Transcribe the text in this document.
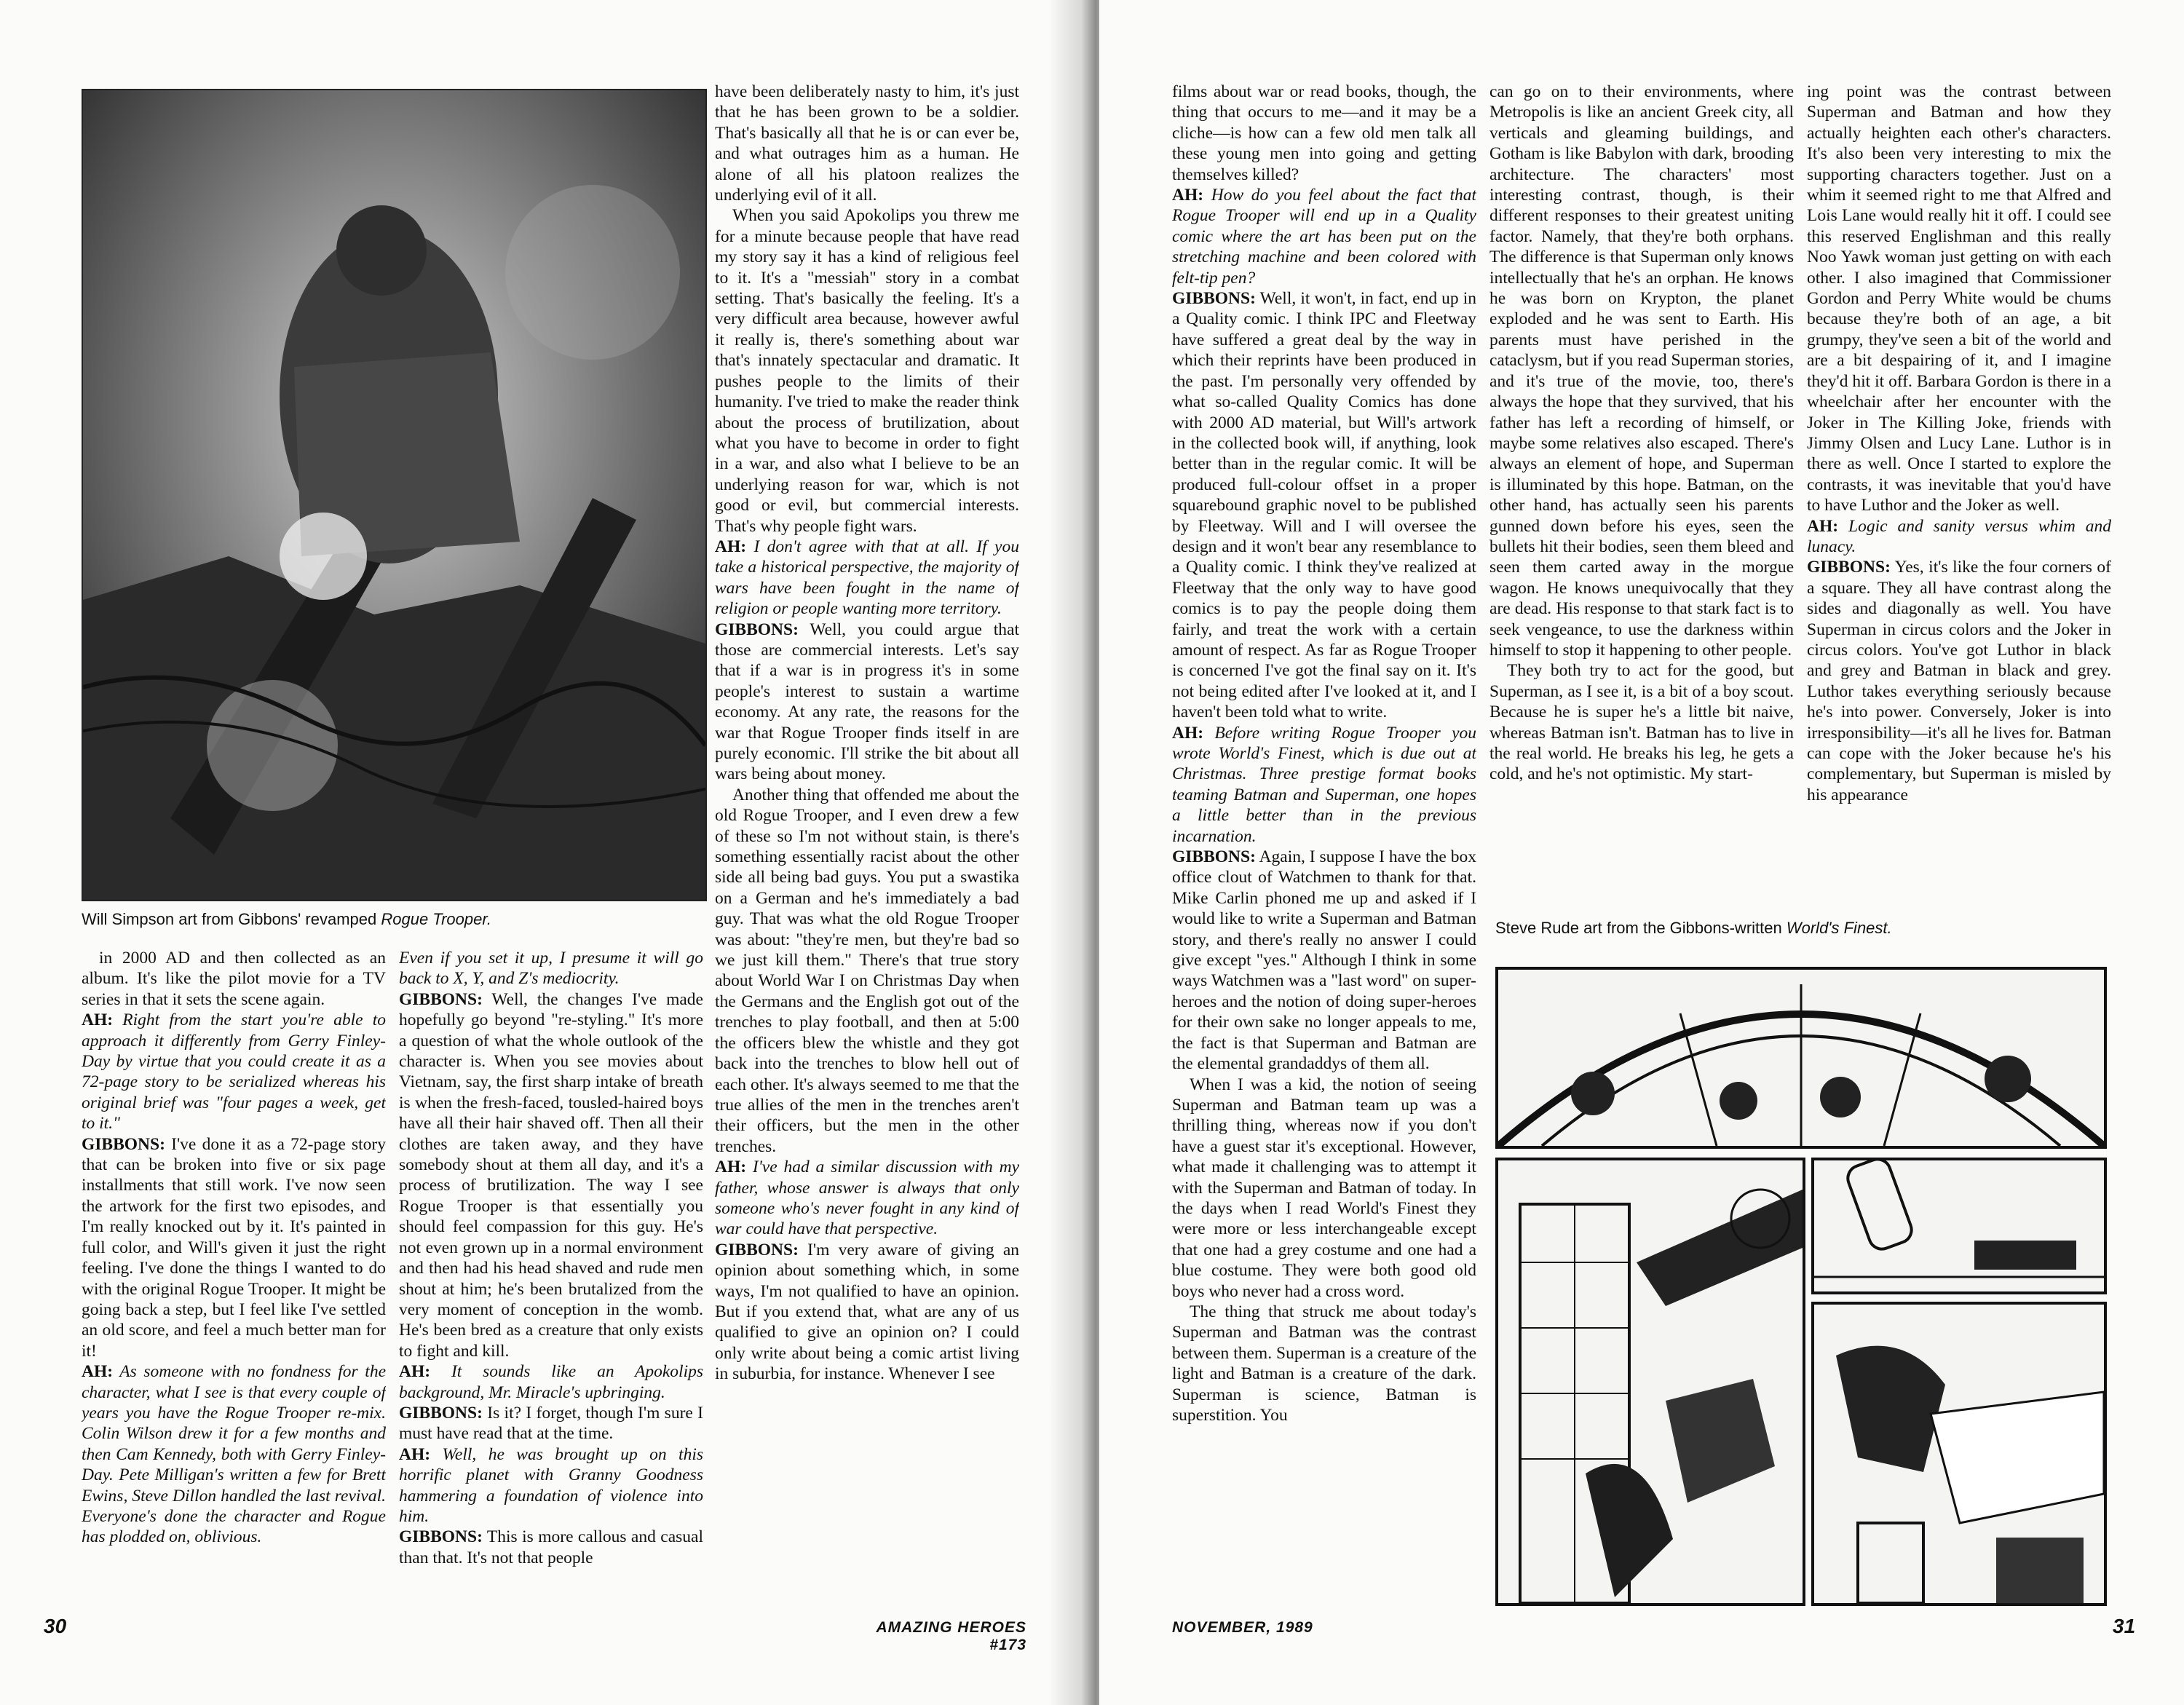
Will Simpson art from Gibbons' revamped Rogue Trooper.

in 2000 AD and then collected as an album. It's like the pilot movie for a TV series in that it sets the scene again.

AH: Right from the start you're able to approach it differently from Gerry Finley-Day by virtue that you could create it as a 72-page story to be serialized whereas his original brief was "four pages a week, get to it."

GIBBONS: I've done it as a 72-page story that can be broken into five or six page installments that still work. I've now seen the artwork for the first two episodes, and I'm really knocked out by it. It's painted in full color, and Will's given it just the right feeling. I've done the things I wanted to do with the original Rogue Trooper. It might be going back a step, but I feel like I've settled an old score, and feel a much better man for it!

AH: As someone with no fondness for the character, what I see is that every couple of years you have the Rogue Trooper re-mix. Colin Wilson drew it for a few months and then Cam Kennedy, both with Gerry Finley-Day. Pete Milligan's written a few for Brett Ewins, Steve Dillon handled the last revival. Everyone's done the character and Rogue has plodded on, oblivious.

Even if you set it up, I presume it will go back to X, Y, and Z's mediocrity.

GIBBONS: Well, the changes I've made hopefully go beyond "re-styling." It's more a question of what the whole outlook of the character is. When you see movies about Vietnam, say, the first sharp intake of breath is when the fresh-faced, tousled-haired boys have all their hair shaved off. Then all their clothes are taken away, and they have somebody shout at them all day, and it's a process of brutilization. The way I see Rogue Trooper is that essentially you should feel compassion for this guy. He's not even grown up in a normal environment and then had his head shaved and rude men shout at him; he's been brutalized from the very moment of conception in the womb. He's been bred as a creature that only exists to fight and kill.

AH: It sounds like an Apokolips background, Mr. Miracle's upbringing.

GIBBONS: Is it? I forget, though I'm sure I must have read that at the time.

AH: Well, he was brought up on this horrific planet with Granny Goodness hammering a foundation of violence into him.

GIBBONS: This is more callous and casual than that. It's not that people

have been deliberately nasty to him, it's just that he has been grown to be a soldier. That's basically all that he is or can ever be, and what outrages him as a human. He alone of all his platoon realizes the underlying evil of it all.

When you said Apokolips you threw me for a minute because people that have read my story say it has a kind of religious feel to it. It's a "messiah" story in a combat setting. That's basically the feeling. It's a very difficult area because, however awful it really is, there's something about war that's innately spectacular and dramatic. It pushes people to the limits of their humanity. I've tried to make the reader think about the process of brutilization, about what you have to become in order to fight in a war, and also what I believe to be an underlying reason for war, which is not good or evil, but commercial interests. That's why people fight wars.

AH: I don't agree with that at all. If you take a historical perspective, the majority of wars have been fought in the name of religion or people wanting more territory.

GIBBONS: Well, you could argue that those are commercial interests. Let's say that if a war is in progress it's in some people's interest to sustain a wartime economy. At any rate, the reasons for the war that Rogue Trooper finds itself in are purely economic. I'll strike the bit about all wars being about money.

Another thing that offended me about the old Rogue Trooper, and I even drew a few of these so I'm not without stain, is there's something essentially racist about the other side all being bad guys. You put a swastika on a German and he's immediately a bad guy. That was what the old Rogue Trooper was about: "they're men, but they're bad so we just kill them." There's that true story about World War I on Christmas Day when the Germans and the English got out of the trenches to play football, and then at 5:00 the officers blew the whistle and they got back into the trenches to blow hell out of each other. It's always seemed to me that the true allies of the men in the trenches aren't their officers, but the men in the other trenches.

AH: I've had a similar discussion with my father, whose answer is always that only someone who's never fought in any kind of war could have that perspective.

GIBBONS: I'm very aware of giving an opinion about something which, in some ways, I'm not qualified to have an opinion. But if you extend that, what are any of us qualified to give an opinion on? I could only write about being a comic artist living in suburbia, for instance. Whenever I see

30	AMAZING HEROES #173

films about war or read books, though, the thing that occurs to me—and it may be a cliche—is how can a few old men talk all these young men into going and getting themselves killed?

AH: How do you feel about the fact that Rogue Trooper will end up in a Quality comic where the art has been put on the stretching machine and been colored with felt-tip pen?

GIBBONS: Well, it won't, in fact, end up in a Quality comic. I think IPC and Fleetway have suffered a great deal by the way in which their reprints have been produced in the past. I'm personally very offended by what so-called Quality Comics has done with 2000 AD material, but Will's artwork in the collected book will, if anything, look better than in the regular comic. It will be produced full-colour offset in a proper squarebound graphic novel to be published by Fleetway. Will and I will oversee the design and it won't bear any resemblance to a Quality comic. I think they've realized at Fleetway that the only way to have good comics is to pay the people doing them fairly, and treat the work with a certain amount of respect. As far as Rogue Trooper is concerned I've got the final say on it. It's not being edited after I've looked at it, and I haven't been told what to write.

AH: Before writing Rogue Trooper you wrote World's Finest, which is due out at Christmas. Three prestige format books teaming Batman and Superman, one hopes a little better than in the previous incarnation.

GIBBONS: Again, I suppose I have the box office clout of Watchmen to thank for that. Mike Carlin phoned me up and asked if I would like to write a Superman and Batman story, and there's really no answer I could give except "yes." Although I think in some ways Watchmen was a "last word" on super-heroes and the notion of doing super-heroes for their own sake no longer appeals to me, the fact is that Superman and Batman are the elemental grandaddys of them all.

When I was a kid, the notion of seeing Superman and Batman team up was a thrilling thing, whereas now if you don't have a guest star it's exceptional. However, what made it challenging was to attempt it with the Superman and Batman of today. In the days when I read World's Finest they were more or less interchangeable except that one had a grey costume and one had a blue costume. They were both good old boys who never had a cross word.

The thing that struck me about today's Superman and Batman was the contrast between them. Superman is a creature of the light and Batman is a creature of the dark. Superman is science, Batman is superstition. You

can go on to their environments, where Metropolis is like an ancient Greek city, all verticals and gleaming buildings, and Gotham is like Babylon with dark, brooding architecture. The characters' most interesting contrast, though, is their different responses to their greatest uniting factor. Namely, that they're both orphans. The difference is that Superman only knows intellectually that he's an orphan. He knows he was born on Krypton, the planet exploded and he was sent to Earth. His parents must have perished in the cataclysm, but if you read Superman stories, and it's true of the movie, too, there's always the hope that they survived, that his father has left a recording of himself, or maybe some relatives also escaped. There's always an element of hope, and Superman is illuminated by this hope. Batman, on the other hand, has actually seen his parents gunned down before his eyes, seen the bullets hit their bodies, seen them bleed and seen them carted away in the morgue wagon. He knows unequivocally that they are dead. His response to that stark fact is to seek vengeance, to use the darkness within himself to stop it happening to other people.

They both try to act for the good, but Superman, as I see it, is a bit of a boy scout. Because he is super he's a little bit naive, whereas Batman isn't. Batman has to live in the real world. He breaks his leg, he gets a cold, and he's not optimistic. My start-

ing point was the contrast between Superman and Batman and how they actually heighten each other's characters. It's also been very interesting to mix the supporting characters together. Just on a whim it seemed right to me that Alfred and Lois Lane would really hit it off. I could see this reserved Englishman and this really Noo Yawk woman just getting on with each other. I also imagined that Commissioner Gordon and Perry White would be chums because they're both of an age, a bit grumpy, they've seen a bit of the world and are a bit despairing of it, and I imagine they'd hit it off. Barbara Gordon is there in a wheelchair after her encounter with the Joker in The Killing Joke, friends with Jimmy Olsen and Lucy Lane. Luthor is in there as well. Once I started to explore the contrasts, it was inevitable that you'd have to have Luthor and the Joker as well.

AH: Logic and sanity versus whim and lunacy.

GIBBONS: Yes, it's like the four corners of a square. They all have contrast along the sides and diagonally as well. You have Superman in circus colors and the Joker in circus colors. You've got Luthor in black and grey and Batman in black and grey. Luthor takes everything seriously because he's into power. Conversely, Joker is into irresponsibility—it's all he lives for. Batman can cope with the Joker because he's his complementary, but Superman is misled by his appearance

Steve Rude art from the Gibbons-written World's Finest.
NOVEMBER, 1989	31
